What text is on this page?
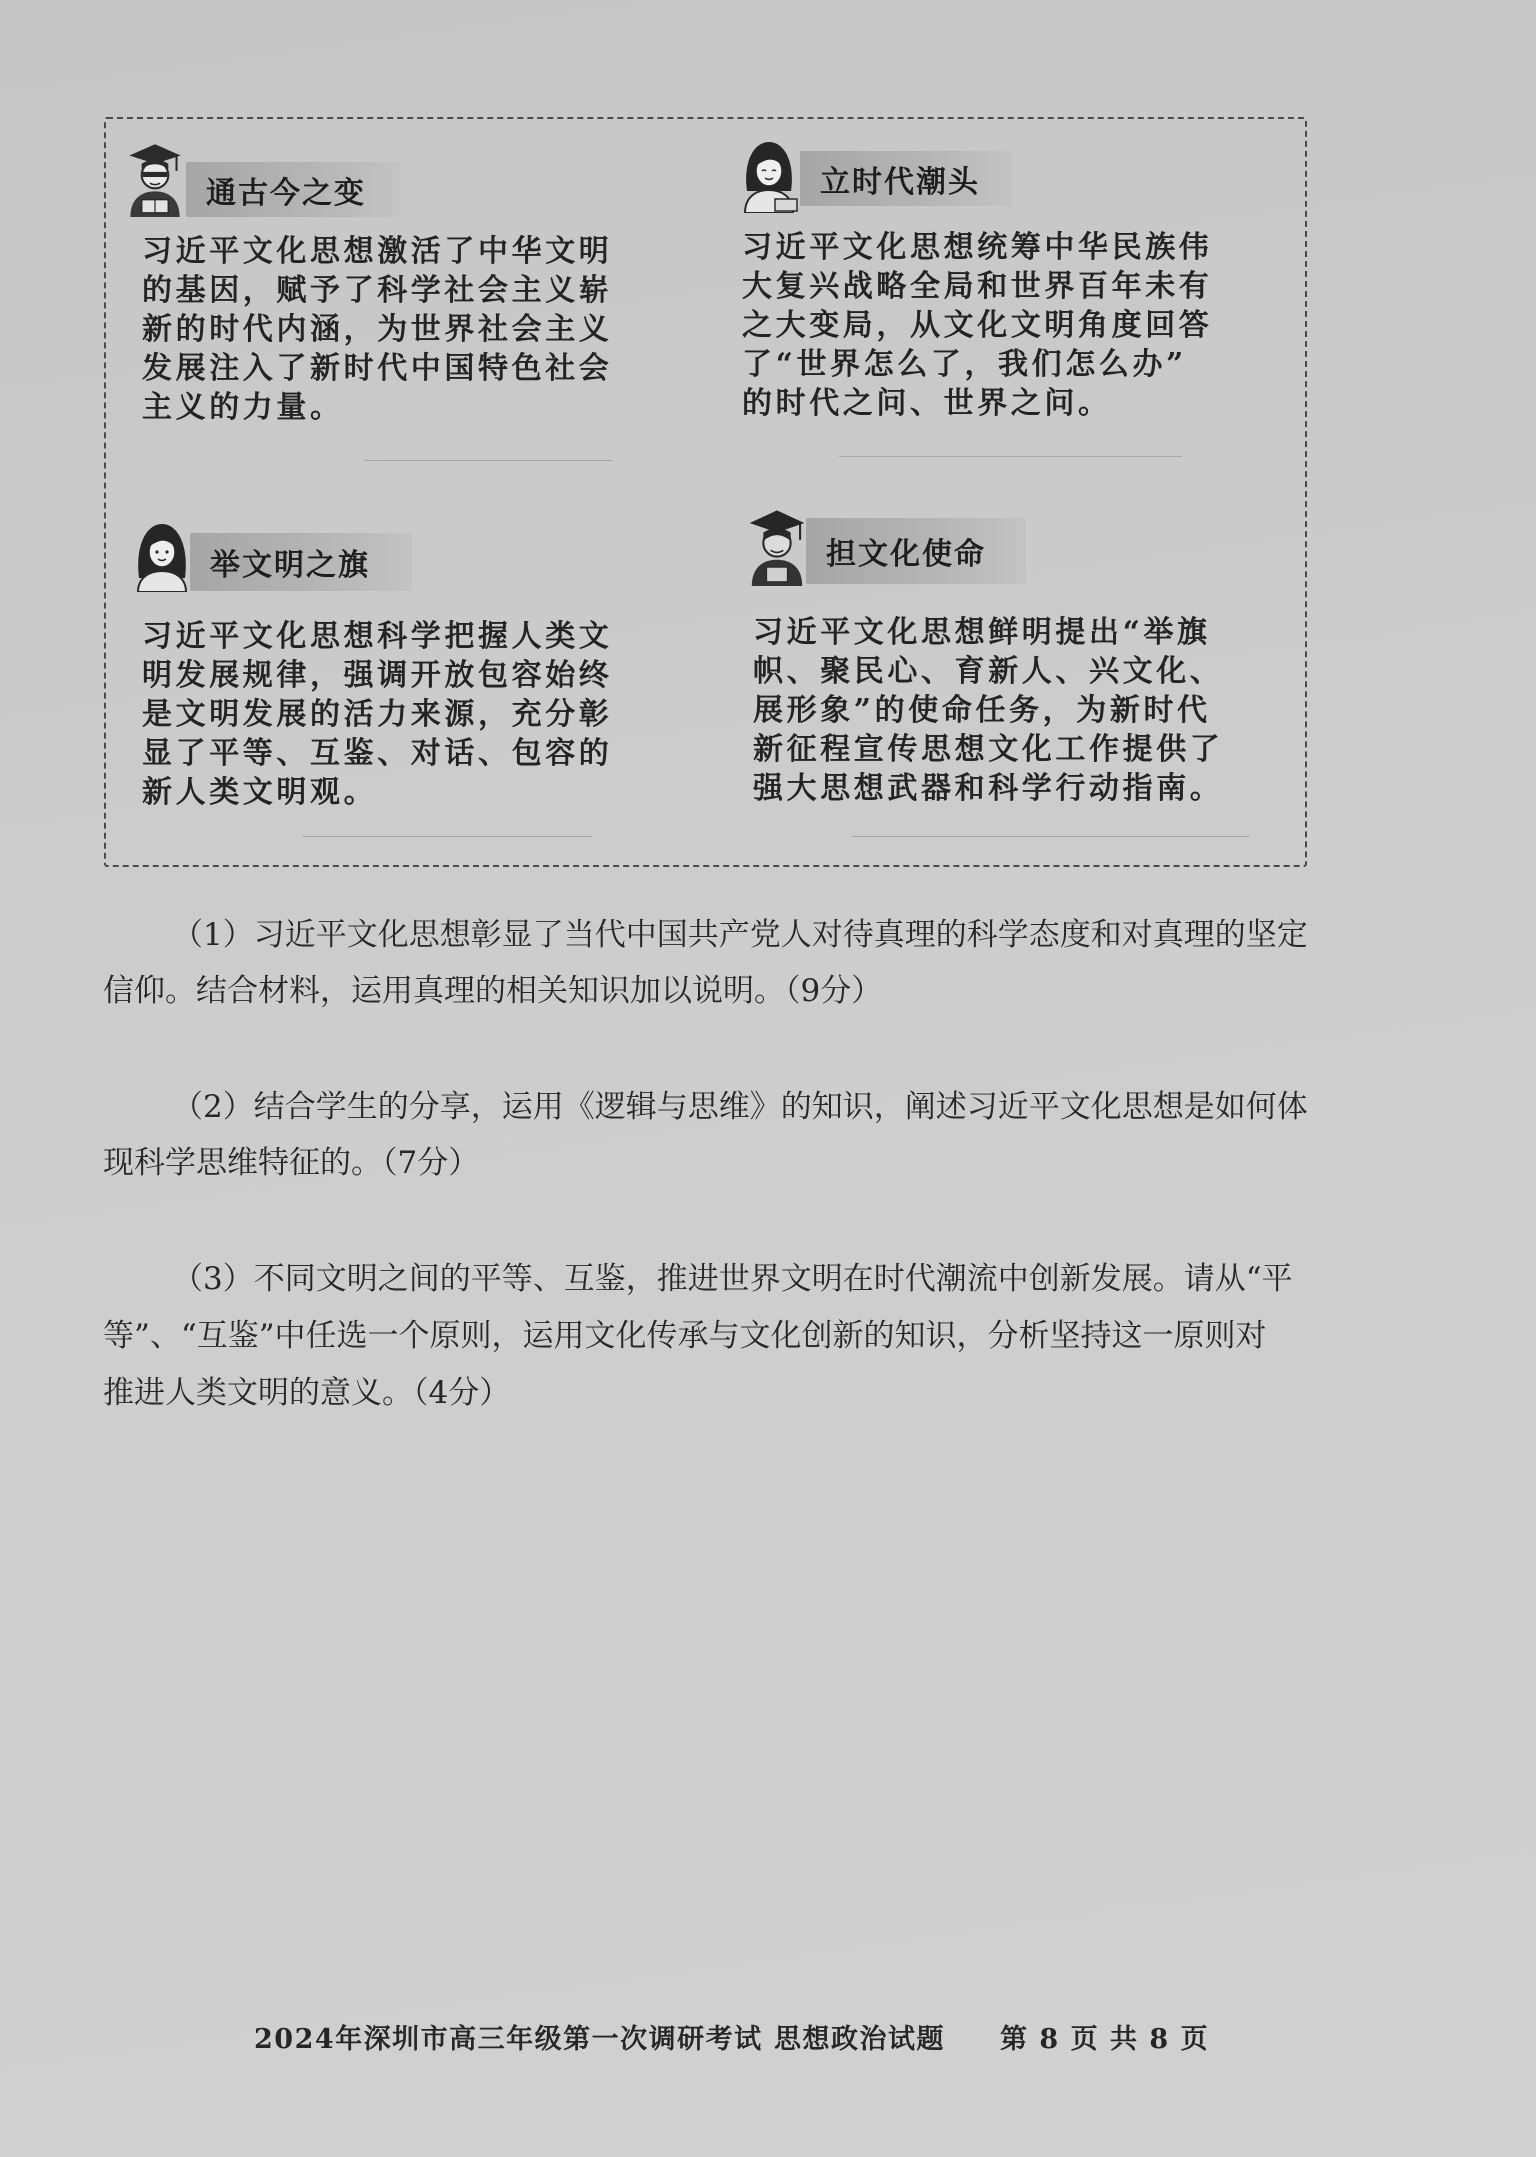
通古今之变
习近平文化思想激活了中华文明
的基因，赋予了科学社会主义崭
新的时代内涵，为世界社会主义
发展注入了新时代中国特色社会
主义的力量。
立时代潮头
习近平文化思想统筹中华民族伟
大复兴战略全局和世界百年未有
之大变局，从文化文明角度回答
了“世界怎么了，我们怎么办”
的时代之问、世界之问。
举文明之旗
习近平文化思想科学把握人类文
明发展规律，强调开放包容始终
是文明发展的活力来源，充分彰
显了平等、互鉴、对话、包容的
新人类文明观。
担文化使命
习近平文化思想鲜明提出“举旗
帜、聚民心、育新人、兴文化、
展形象”的使命任务，为新时代
新征程宣传思想文化工作提供了
强大思想武器和科学行动指南。
（1）习近平文化思想彰显了当代中国共产党人对待真理的科学态度和对真理的坚定
信仰。结合材料，运用真理的相关知识加以说明。（9分）
（2）结合学生的分享，运用《逻辑与思维》的知识，阐述习近平文化思想是如何体
现科学思维特征的。（7分）
（3）不同文明之间的平等、互鉴，推进世界文明在时代潮流中创新发展。请从“平
等”、“互鉴”中任选一个原则，运用文化传承与文化创新的知识，分析坚持这一原则对
推进人类文明的意义。（4分）
2024年深圳市高三年级第一次调研考试 思想政治试题 第 8 页 共 8 页
